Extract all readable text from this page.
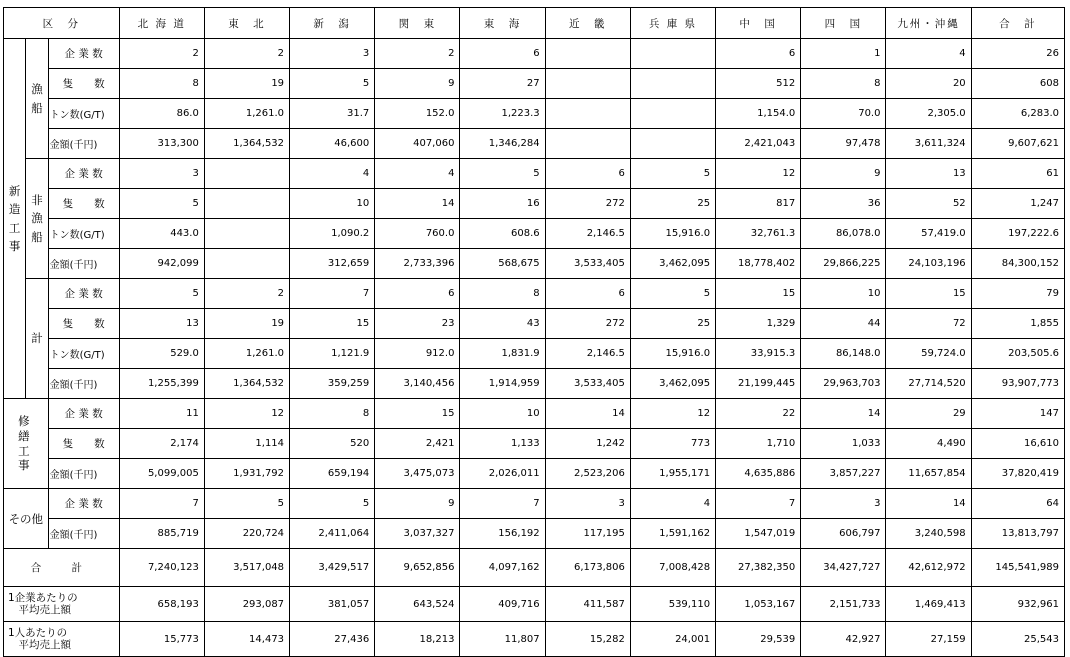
区　分			北 海 道	東　北	新　潟	関　東	東　海	近　畿	兵 庫 県	中　国	四　国	九州・沖縄	合　計

新
造
工
事	漁
船	企 業 数	2	2	3	2	6			6	1	4	26
		隻　　数	8	19	5	9	27			512	8	20	608
		トン数(G/T)	86.0	1,261.0	31.7	152.0	1,223.3			1,154.0	70.0	2,305.0	6,283.0
		金額(千円)	313,300	1,364,532	46,600	407,060	1,346,284			2,421,043	97,478	3,611,324	9,607,621

	非
漁
船	企 業 数	3		4	4	5	6	5	12	9	13	61
		隻　　数	5		10	14	16	272	25	817	36	52	1,247
		トン数(G/T)	443.0		1,090.2	760.0	608.6	2,146.5	15,916.0	32,761.3	86,078.0	57,419.0	197,222.6
		金額(千円)	942,099		312,659	2,733,396	568,675	3,533,405	3,462,095	18,778,402	29,866,225	24,103,196	84,300,152

	計	企 業 数	5	2	7	6	8	6	5	15	10	15	79
		隻　　数	13	19	15	23	43	272	25	1,329	44	72	1,855
		トン数(G/T)	529.0	1,261.0	1,121.9	912.0	1,831.9	2,146.5	15,916.0	33,915.3	86,148.0	59,724.0	203,505.6
		金額(千円)	1,255,399	1,364,532	359,259	3,140,456	1,914,959	3,533,405	3,462,095	21,199,445	29,963,703	27,714,520	93,907,773

修繕工事		企 業 数	11	12	8	15	10	14	12	22	14	29	147
		隻　　数	2,174	1,114	520	2,421	1,133	1,242	773	1,710	1,033	4,490	16,610
		金額(千円)	5,099,005	1,931,792	659,194	3,475,073	2,026,011	2,523,206	1,955,171	4,635,886	3,857,227	11,657,854	37,820,419
その他		企 業 数	7	5	5	9	7	3	4	7	3	14	64
		金額(千円)	885,719	220,724	2,411,064	3,037,327	156,192	117,195	1,591,162	1,547,019	606,797	3,240,598	13,813,797
合　計			7,240,123	3,517,048	3,429,517	9,652,856	4,097,162	6,173,806	7,008,428	27,382,350	34,427,727	42,612,972	145,541,989

1企業あたりの
　平均売上額			658,193	293,087	381,057	643,524	409,716	411,587	539,110	1,053,167	2,151,733	1,469,413	932,961

1人あたりの
　平均売上額			15,773	14,473	27,436	18,213	11,807	15,282	24,001	29,539	42,927	27,159	25,543
